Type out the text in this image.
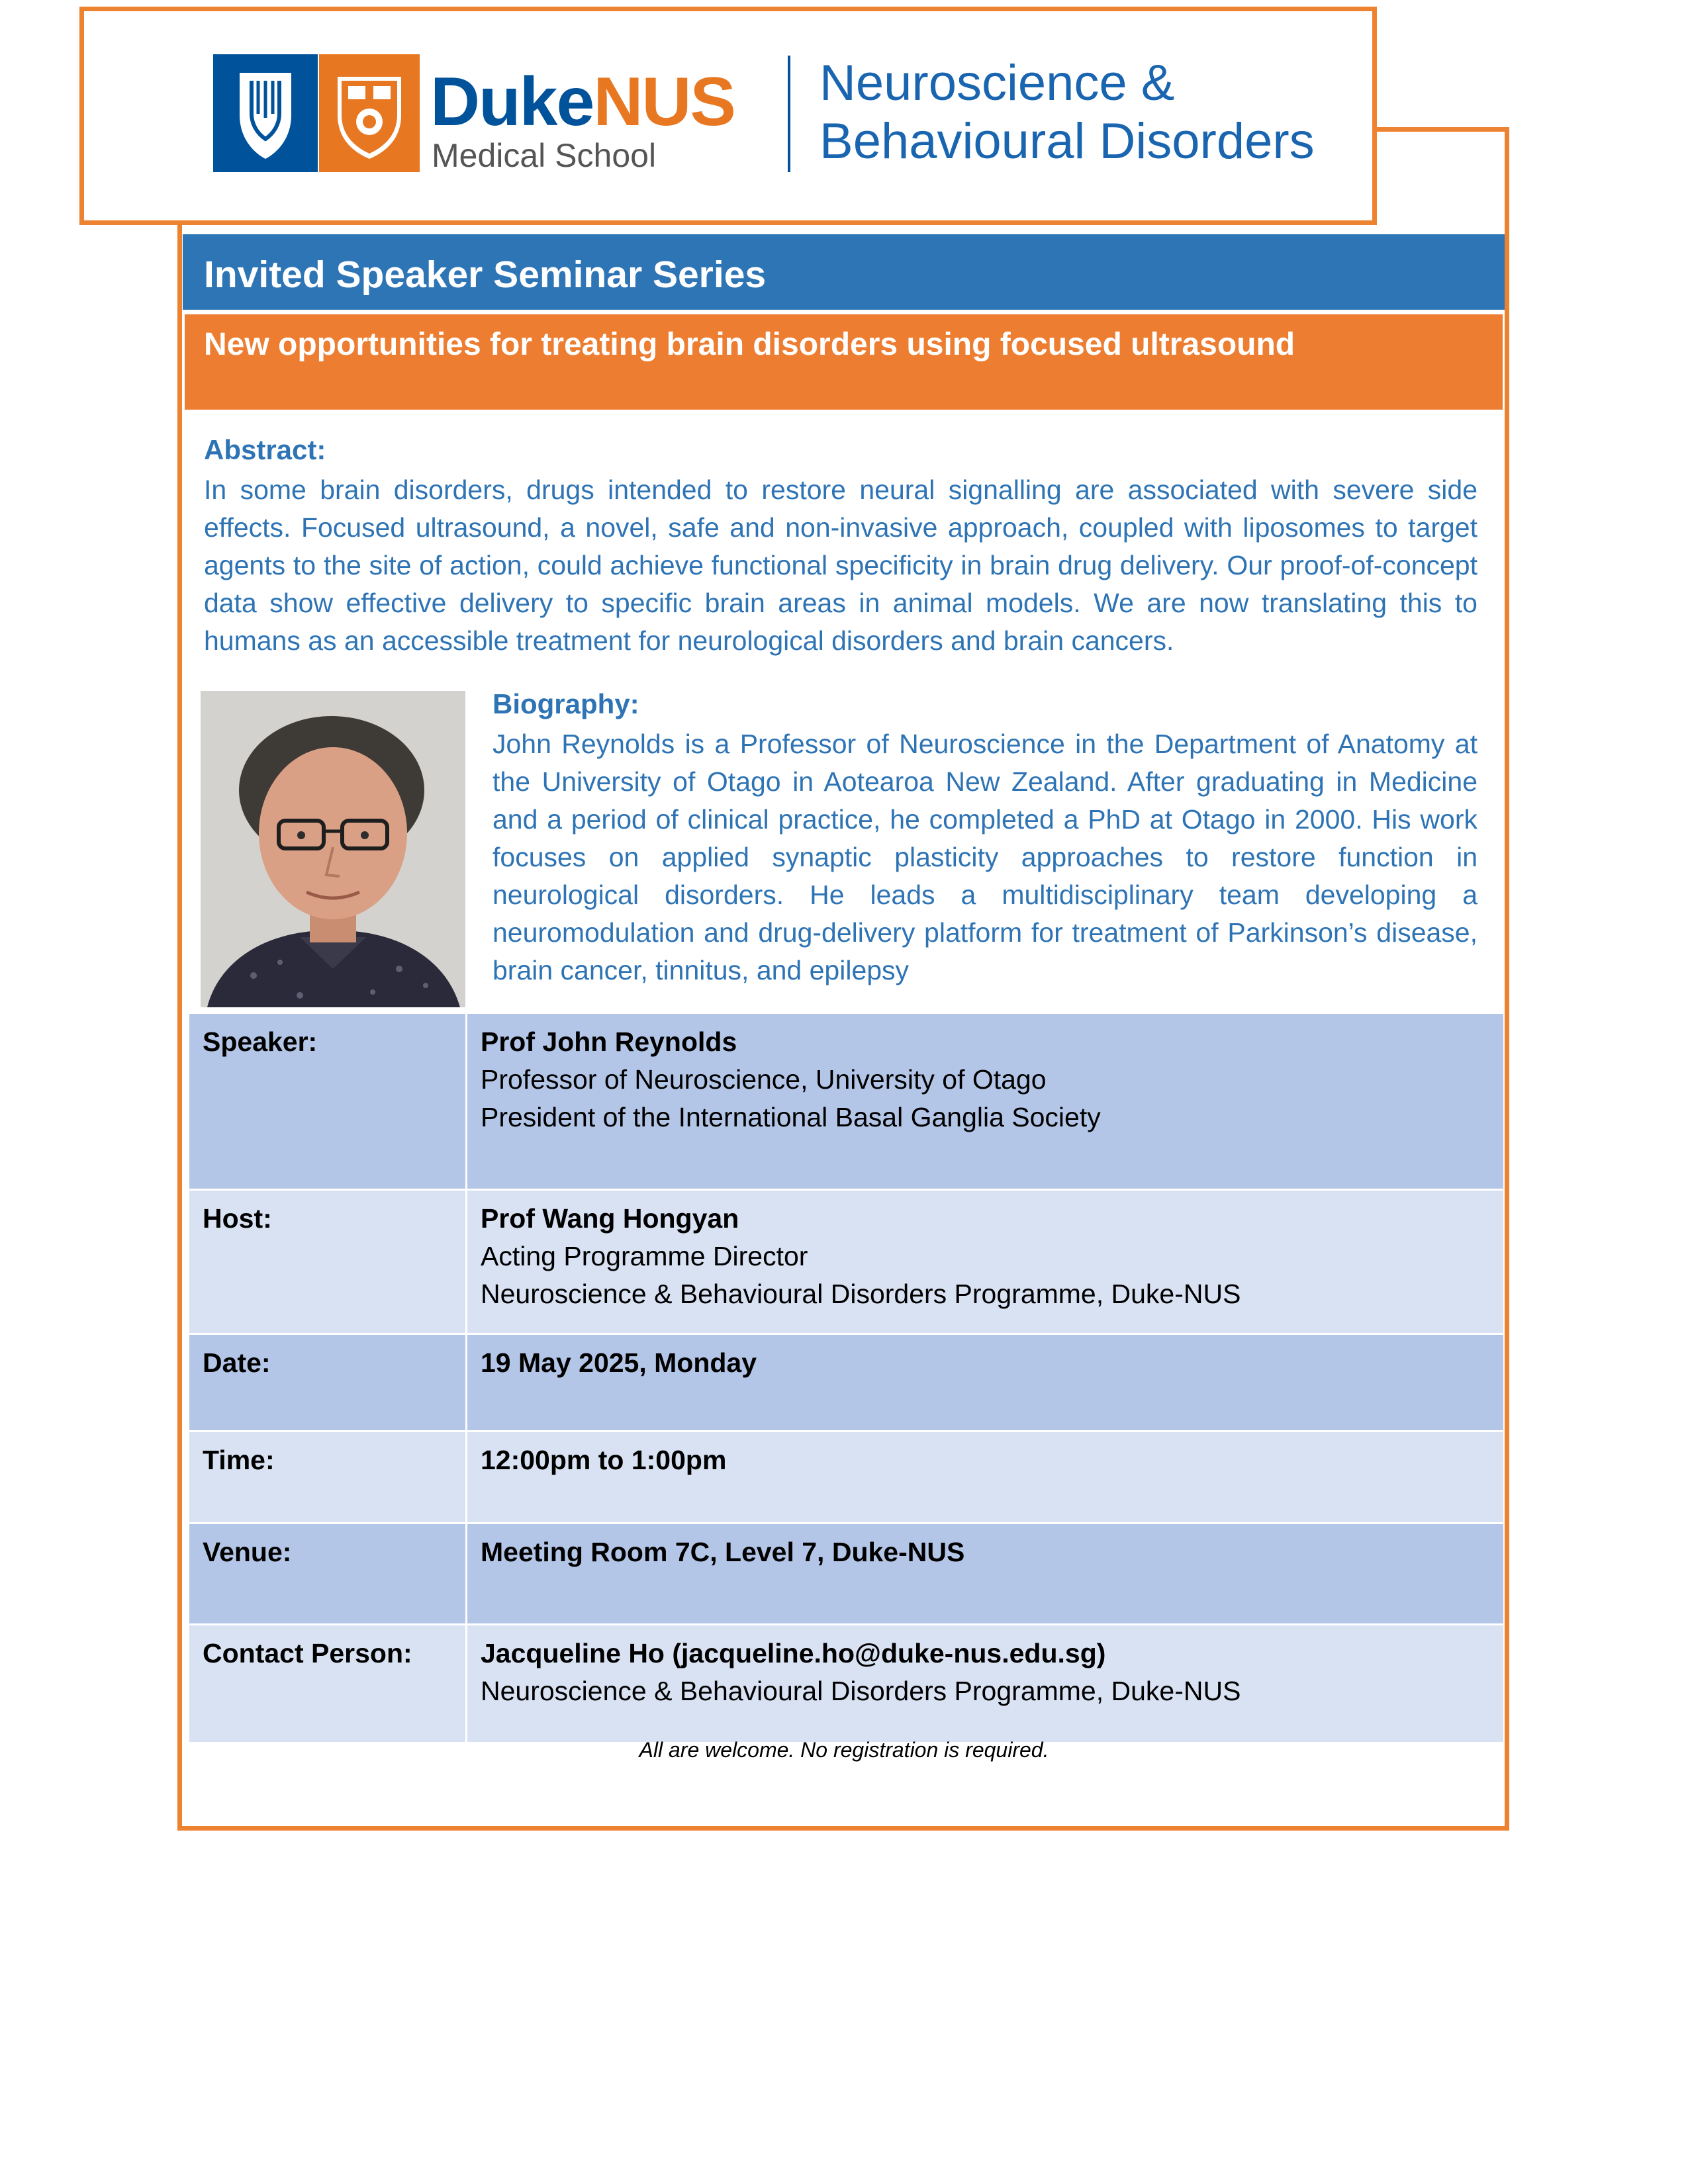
DukeNUS
Medical School
Neuroscience &
Behavioural Disorders
Invited Speaker Seminar Series
New opportunities for treating brain disorders using focused ultrasound
Abstract:
In some brain disorders, drugs intended to restore neural signalling are associated with severe side effects. Focused ultrasound, a novel, safe and non-invasive approach, coupled with liposomes to target agents to the site of action, could achieve functional specificity in brain drug delivery. Our proof-of-concept data show effective delivery to specific brain areas in animal models. We are now translating this to humans as an accessible treatment for neurological disorders and brain cancers.
Biography:
John Reynolds is a Professor of Neuroscience in the Department of Anatomy at the University of Otago in Aotearoa New Zealand. After graduating in Medicine and a period of clinical practice, he completed a PhD at Otago in 2000. His work focuses on applied synaptic plasticity approaches to restore function in neurological disorders. He leads a multidisciplinary team developing a neuromodulation and drug-delivery platform for treatment of Parkinson’s disease, brain cancer, tinnitus, and epilepsy
Speaker:	Prof John Reynolds
Professor of Neuroscience, University of Otago
President of the International Basal Ganglia Society
Host:	Prof Wang Hongyan
Acting Programme Director
Neuroscience & Behavioural Disorders Programme, Duke-NUS
Date:	19 May 2025, Monday
Time:	12:00pm to 1:00pm
Venue:	Meeting Room 7C, Level 7, Duke-NUS
Contact Person:	Jacqueline Ho (jacqueline.ho@duke-nus.edu.sg)
Neuroscience & Behavioural Disorders Programme, Duke-NUS
All are welcome. No registration is required.
